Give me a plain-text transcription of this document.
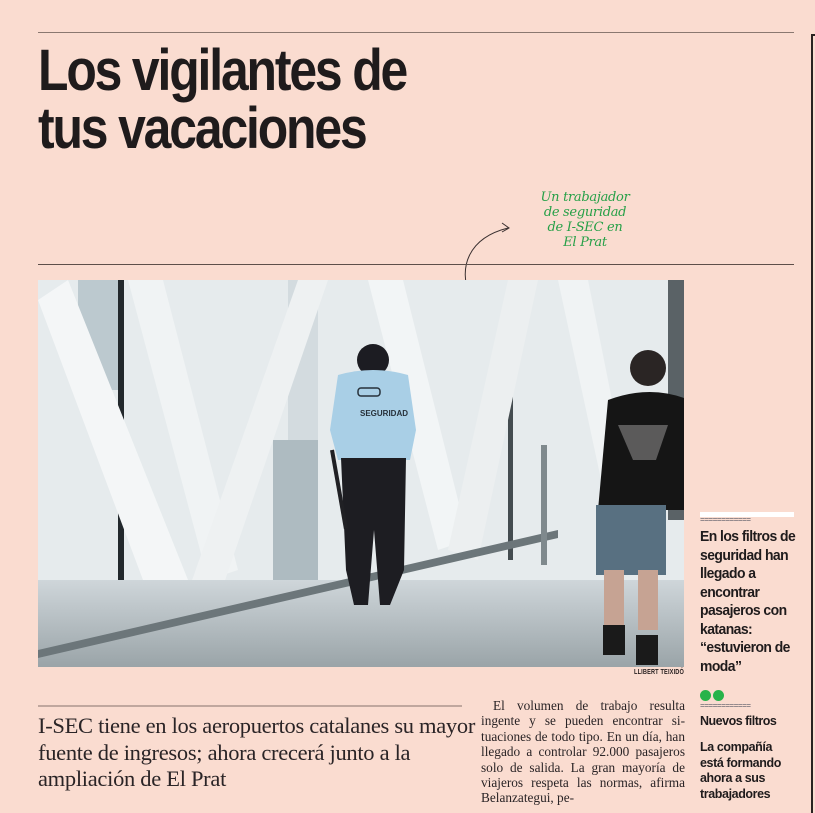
Los vigilantes de
tus vacaciones
Un trabajador
de seguridad
de I-SEC en
El Prat
SEGURIDAD
LLIBERT TEIXIDÓ
============
En los filtros de seguridad han llegado a encontrar pasajeros con katanas: “estuvieron de moda”
============
Nuevos filtros
La compañía está formando ahora a sus trabajadores
I-SEC tiene en los aeropuertos catalanes su mayor fuente de ingresos; ahora crecerá junto a la ampliación de El Prat
El volumen de trabajo resulta ingente y se pueden encontrar situaciones de todo tipo. En un día, han llegado a controlar 92.000 pasajeros solo de salida. La gran mayoría de viajeros respeta las normas, afirma Belanzategui, pe-
